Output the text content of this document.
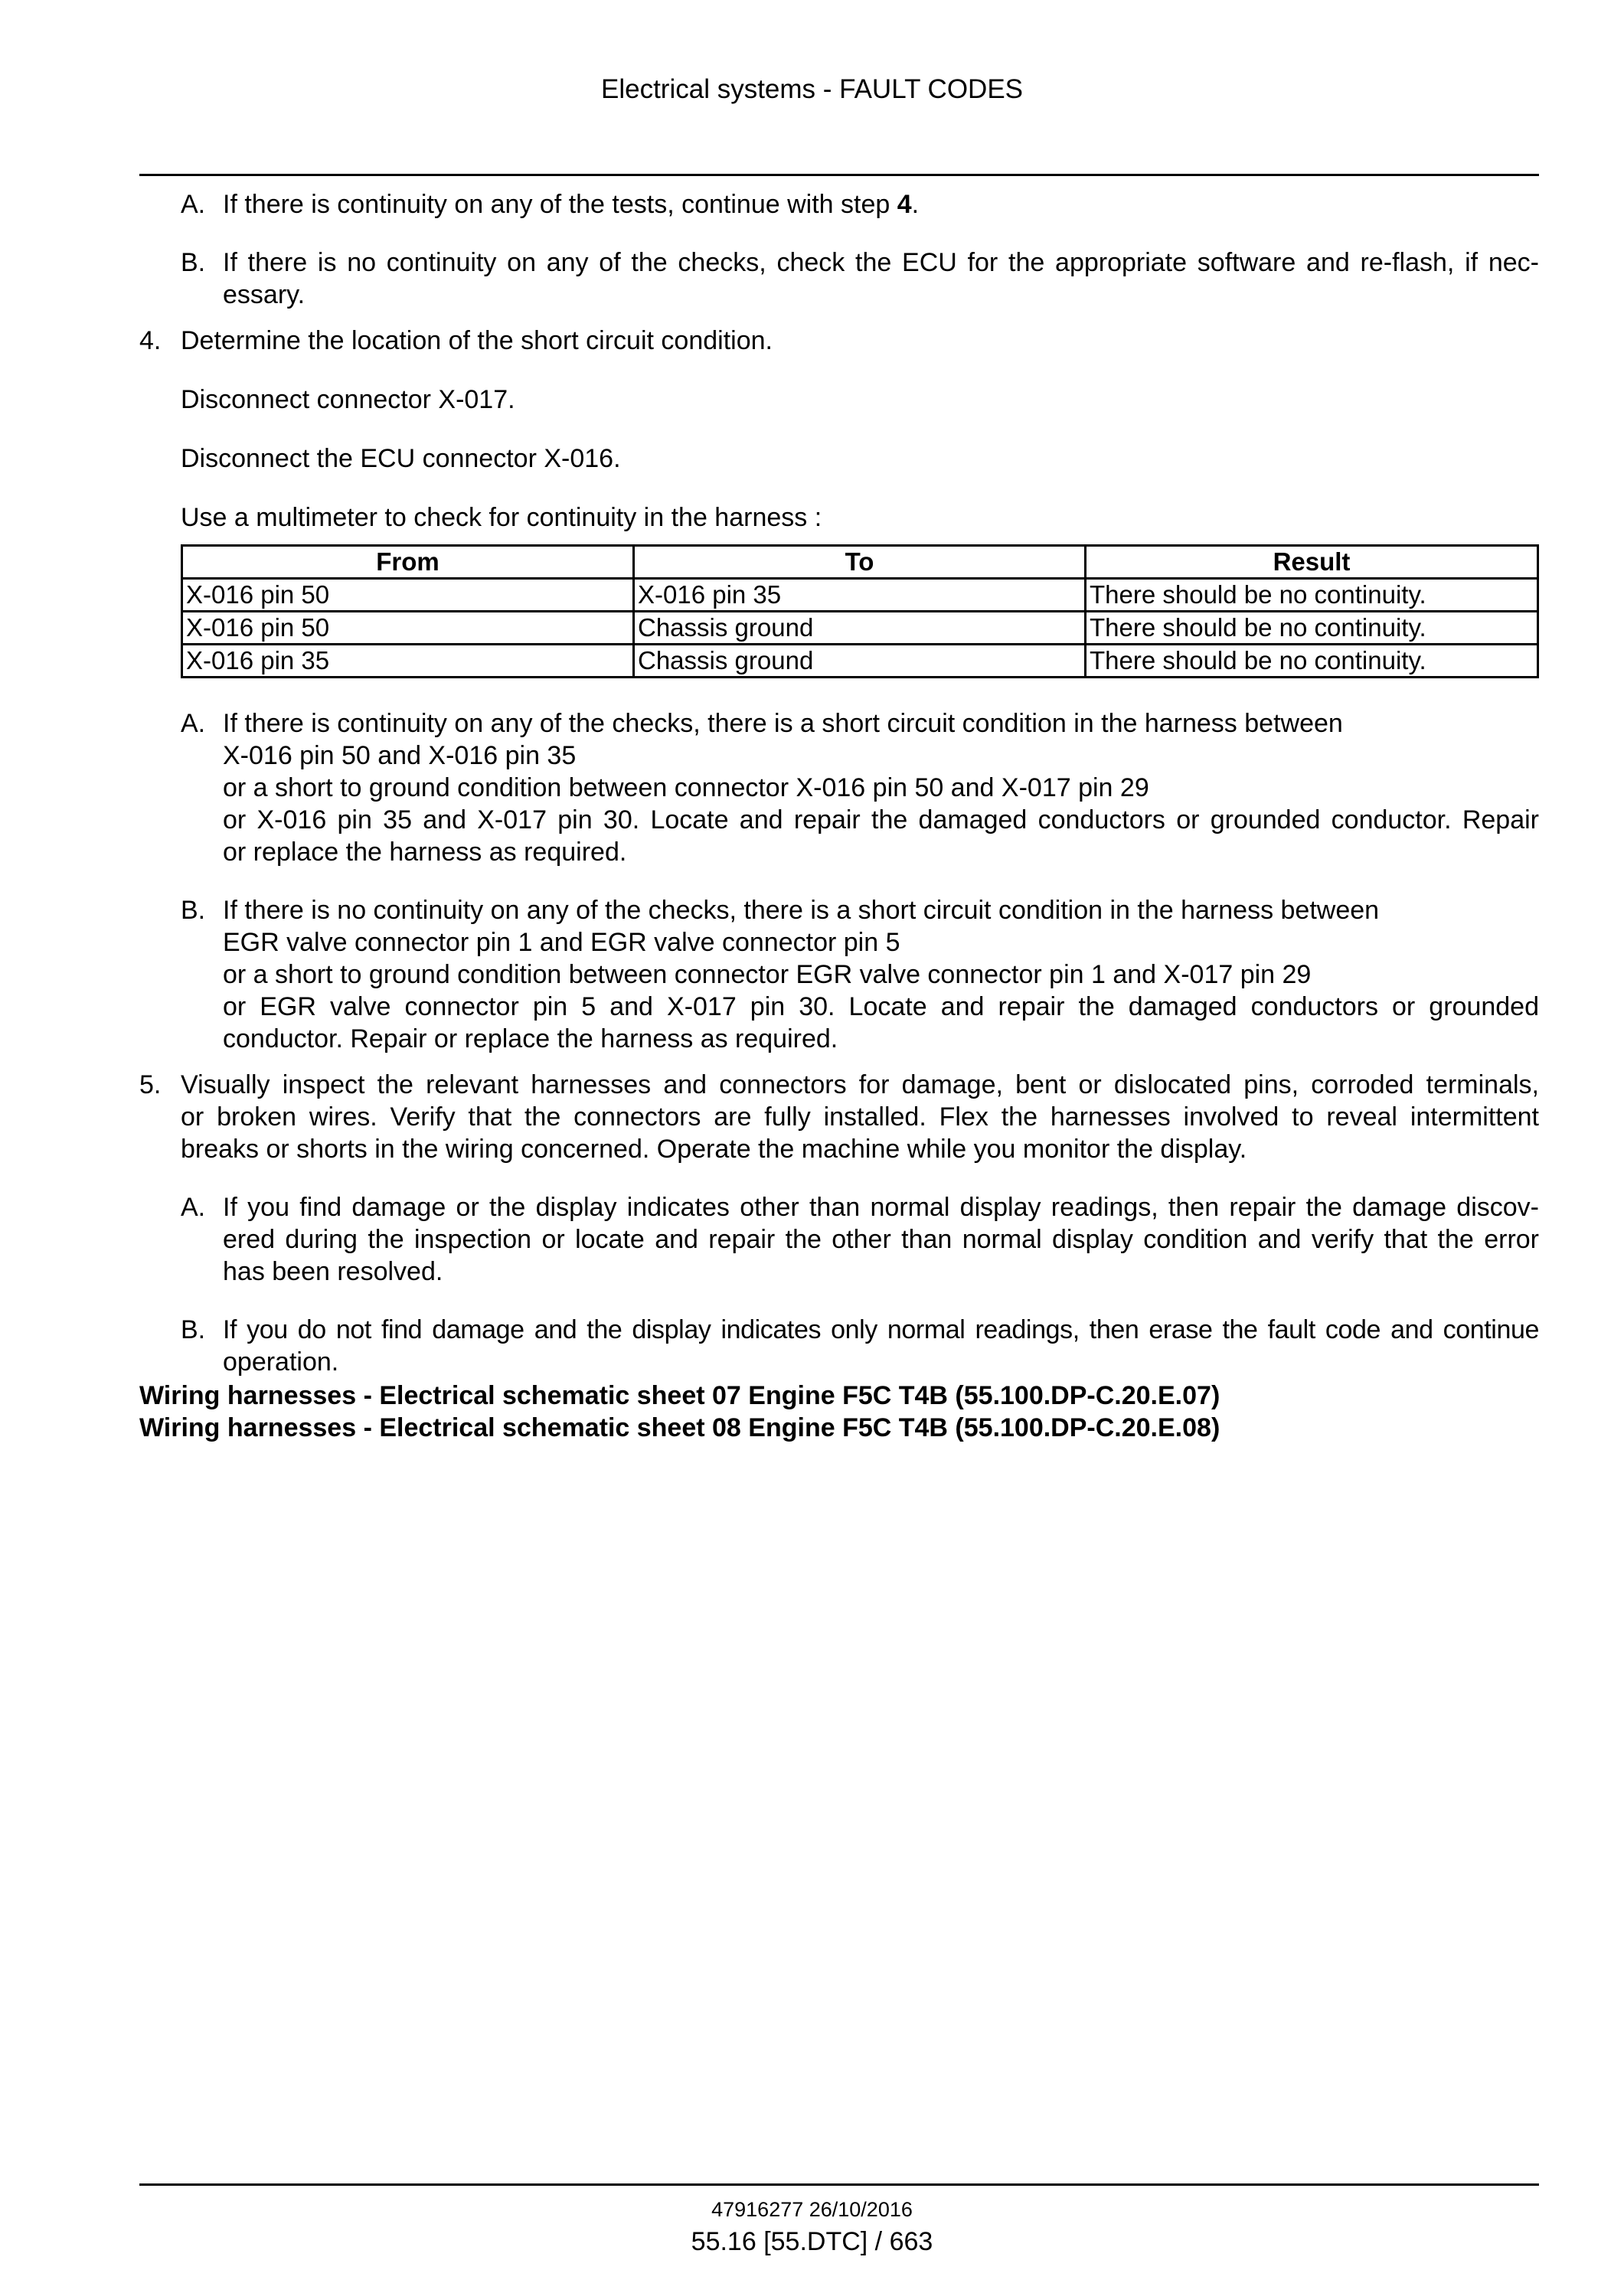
Electrical systems - FAULT CODES
A. If there is continuity on any of the tests, continue with step 4.
B. If there is no continuity on any of the checks, check the ECU for the appropriate software and re-flash, if nec-
essary.
4. Determine the location of the short circuit condition.
Disconnect connector X-017.
Disconnect the ECU connector X-016.
Use a multimeter to check for continuity in the harness :
From	To	Result
X-016 pin 50	X-016 pin 35	There should be no continuity.
X-016 pin 50	Chassis ground	There should be no continuity.
X-016 pin 35	Chassis ground	There should be no continuity.
A. If there is continuity on any of the checks, there is a short circuit condition in the harness between
X-016 pin 50 and X-016 pin 35
or a short to ground condition between connector X-016 pin 50 and X-017 pin 29
or X-016 pin 35 and X-017 pin 30. Locate and repair the damaged conductors or grounded conductor. Repair
or replace the harness as required.
B. If there is no continuity on any of the checks, there is a short circuit condition in the harness between
EGR valve connector pin 1 and EGR valve connector pin 5
or a short to ground condition between connector EGR valve connector pin 1 and X-017 pin 29
or EGR valve connector pin 5 and X-017 pin 30. Locate and repair the damaged conductors or grounded
conductor. Repair or replace the harness as required.
5. Visually inspect the relevant harnesses and connectors for damage, bent or dislocated pins, corroded terminals,
or broken wires. Verify that the connectors are fully installed. Flex the harnesses involved to reveal intermittent
breaks or shorts in the wiring concerned. Operate the machine while you monitor the display.
A. If you find damage or the display indicates other than normal display readings, then repair the damage discov-
ered during the inspection or locate and repair the other than normal display condition and verify that the error
has been resolved.
B. If you do not find damage and the display indicates only normal readings, then erase the fault code and continue
operation.
Wiring harnesses - Electrical schematic sheet 07 Engine F5C T4B (55.100.DP-C.20.E.07)
Wiring harnesses - Electrical schematic sheet 08 Engine F5C T4B (55.100.DP-C.20.E.08)
47916277 26/10/2016
55.16 [55.DTC] / 663
